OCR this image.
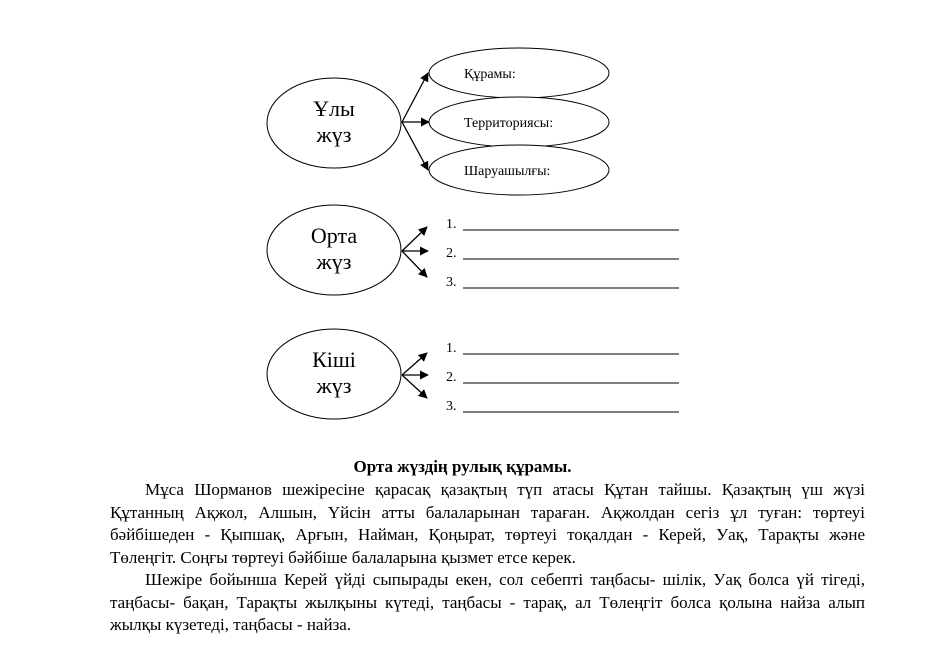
Ұлы
жүз
Құрамы:
Территориясы:
Шаруашылғы:
Орта
жүз
1.
2.
3.
Кіші
жүз
1.
2.
3.
Орта жүздің рулық құрамы.

Мұса Шорманов шежіресіне қарасақ қазақтың түп атасы Құтан тайшы. Қазақтың үш жүзі Құтанның Ақжол, Алшын, Үйсін атты балаларынан тараған. Ақжолдан сегіз ұл туған: төртеуі бәйбішеден - Қыпшақ, Арғын, Найман, Қоңырат, төртеуі тоқалдан - Керей, Уақ, Тарақты және Төлеңгіт. Соңғы төртеуі бәйбіше балаларына қызмет етсе керек.

Шежіре бойынша Керей үйді сыпырады екен, сол себепті таңбасы- шілік, Уақ болса үй тігеді, таңбасы- бақан, Тарақты жылқыны күтеді, таңбасы - тарақ, ал Төлеңгіт болса қолына найза алып жылқы күзетеді, таңбасы - найза.
